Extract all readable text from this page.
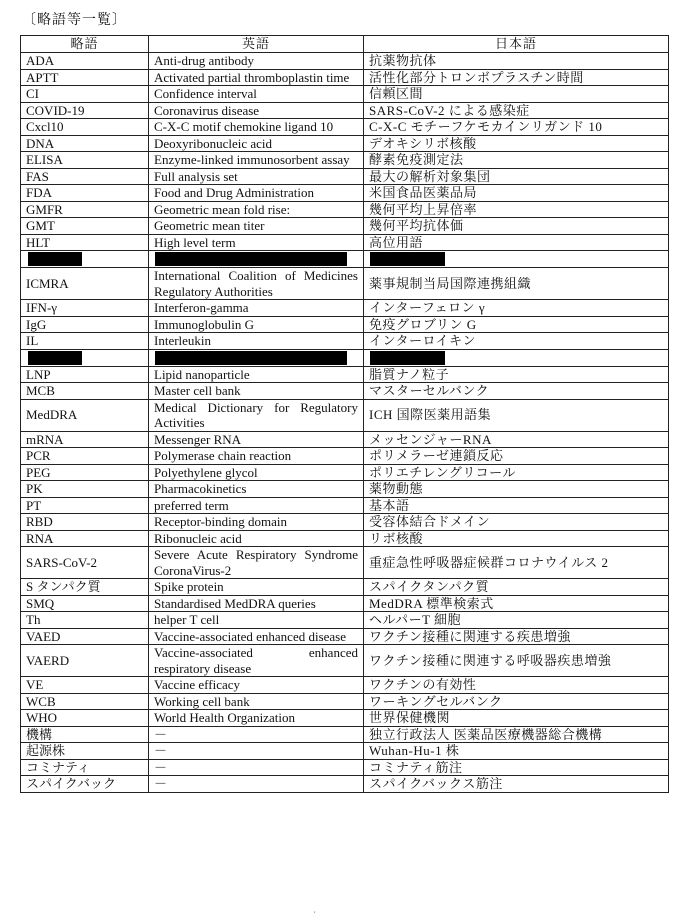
〔略語等一覧〕
略語	英語	日本語
ADA	Anti-drug antibody	抗薬物抗体
APTT	Activated partial thromboplastin time	活性化部分トロンボプラスチン時間
CI	Confidence interval	信頼区間
COVID-19	Coronavirus disease	SARS-CoV-2 による感染症
Cxcl10	C-X-C motif chemokine ligand 10	C-X-C モチーフケモカインリガンド 10
DNA	Deoxyribonucleic acid	デオキシリボ核酸
ELISA	Enzyme-linked immunosorbent assay	酵素免疫測定法
FAS	Full analysis set	最大の解析対象集団
FDA	Food and Drug Administration	米国食品医薬品局
GMFR	Geometric mean fold rise:	幾何平均上昇倍率
GMT	Geometric mean titer	幾何平均抗体価
HLT	High level term	高位用語

ICMRA	International Coalition of Medicines Regulatory Authorities	薬事規制当局国際連携組織
IFN-γ	Interferon-gamma	インターフェロン γ
IgG	Immunoglobulin G	免疫グロブリン G
IL	Interleukin	インターロイキン

LNP	Lipid nanoparticle	脂質ナノ粒子
MCB	Master cell bank	マスターセルバンク
MedDRA	Medical Dictionary for Regulatory Activities	ICH 国際医薬用語集
mRNA	Messenger RNA	メッセンジャーRNA
PCR	Polymerase chain reaction	ポリメラーゼ連鎖反応
PEG	Polyethylene glycol	ポリエチレングリコール
PK	Pharmacokinetics	薬物動態
PT	preferred term	基本語
RBD	Receptor-binding domain	受容体結合ドメイン
RNA	Ribonucleic acid	リボ核酸
SARS-CoV-2	Severe Acute Respiratory Syndrome CoronaVirus-2	重症急性呼吸器症候群コロナウイルス 2
S タンパク質	Spike protein	スパイクタンパク質
SMQ	Standardised MedDRA queries	MedDRA 標準検索式
Th	helper T cell	ヘルパーT 細胞
VAED	Vaccine-associated enhanced disease	ワクチン接種に関連する疾患増強
VAERD	Vaccine-associated enhanced respiratory disease	ワクチン接種に関連する呼吸器疾患増強
VE	Vaccine efficacy	ワクチンの有効性
WCB	Working cell bank	ワーキングセルバンク
WHO	World Health Organization	世界保健機関
機構	－	独立行政法人 医薬品医療機器総合機構
起源株	－	Wuhan-Hu-1 株
コミナティ	－	コミナティ筋注
スパイクバック	－	スパイクバックス筋注
,
